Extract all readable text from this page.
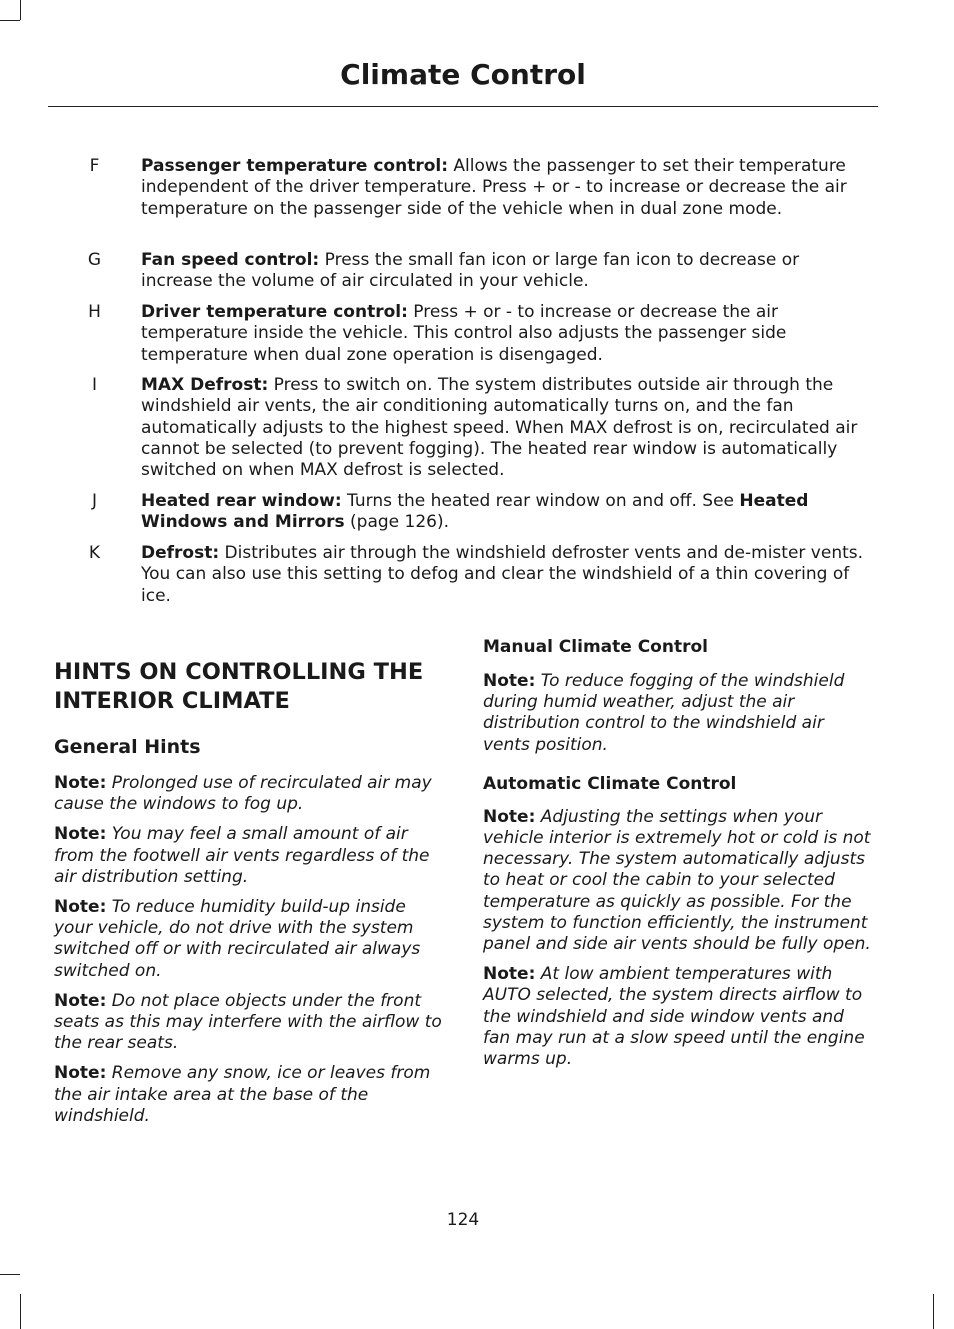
Climate Control
F	Passenger temperature control: Allows the passenger to set their temperature independent of the driver temperature. Press + or - to increase or decrease the air temperature on the passenger side of the vehicle when in dual zone mode.
G	Fan speed control: Press the small fan icon or large fan icon to decrease or increase the volume of air circulated in your vehicle.
H	Driver temperature control: Press + or - to increase or decrease the air temperature inside the vehicle. This control also adjusts the passenger side temperature when dual zone operation is disengaged.
I	MAX Defrost: Press to switch on. The system distributes outside air through the windshield air vents, the air conditioning automatically turns on, and the fan automatically adjusts to the highest speed. When MAX defrost is on, recirculated air cannot be selected (to prevent fogging). The heated rear window is automatically switched on when MAX defrost is selected.
J	Heated rear window: Turns the heated rear window on and off. See Heated Windows and Mirrors (page 126).
K	Defrost: Distributes air through the windshield defroster vents and de-mister vents. You can also use this setting to defog and clear the windshield of a thin covering of ice.
HINTS ON CONTROLLING THE INTERIOR CLIMATE
General Hints

Note: Prolonged use of recirculated air may cause the windows to fog up.

Note: You may feel a small amount of air from the footwell air vents regardless of the air distribution setting.

Note: To reduce humidity build-up inside your vehicle, do not drive with the system switched off or with recirculated air always switched on.

Note: Do not place objects under the front seats as this may interfere with the airflow to the rear seats.

Note: Remove any snow, ice or leaves from the air intake area at the base of the windshield.

Manual Climate Control

Note: To reduce fogging of the windshield during humid weather, adjust the air distribution control to the windshield air vents position.

Automatic Climate Control

Note: Adjusting the settings when your vehicle interior is extremely hot or cold is not necessary. The system automatically adjusts to heat or cool the cabin to your selected temperature as quickly as possible. For the system to function efficiently, the instrument panel and side air vents should be fully open.

Note: At low ambient temperatures with AUTO selected, the system directs airflow to the windshield and side window vents and fan may run at a slow speed until the engine warms up.

124
